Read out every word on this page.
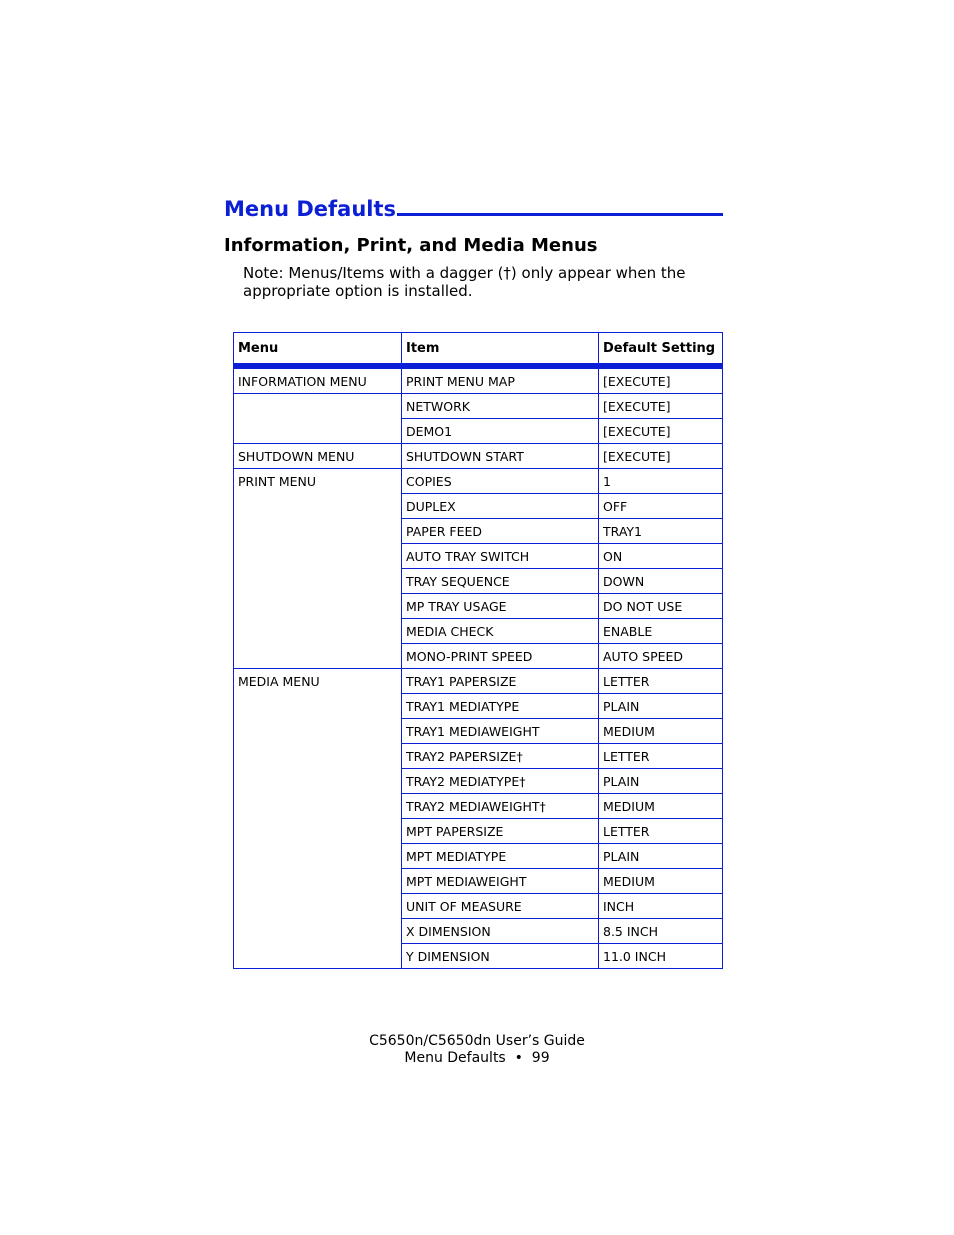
Menu Defaults
Information, Print, and Media Menus
Note: Menus/Items with a dagger (†) only appear when the appropriate option is installed.
Menu	Item	Default Setting
INFORMATION MENU	PRINT MENU MAP	[EXECUTE]
	NETWORK	[EXECUTE]
	DEMO1	[EXECUTE]
SHUTDOWN MENU	SHUTDOWN START	[EXECUTE]
PRINT MENU	COPIES	1
	DUPLEX	OFF
	PAPER FEED	TRAY1
	AUTO TRAY SWITCH	ON
	TRAY SEQUENCE	DOWN
	MP TRAY USAGE	DO NOT USE
	MEDIA CHECK	ENABLE
	MONO-PRINT SPEED	AUTO SPEED
MEDIA MENU	TRAY1 PAPERSIZE	LETTER
	TRAY1 MEDIATYPE	PLAIN
	TRAY1 MEDIAWEIGHT	MEDIUM
	TRAY2 PAPERSIZE†	LETTER
	TRAY2 MEDIATYPE†	PLAIN
	TRAY2 MEDIAWEIGHT†	MEDIUM
	MPT PAPERSIZE	LETTER
	MPT MEDIATYPE	PLAIN
	MPT MEDIAWEIGHT	MEDIUM
	UNIT OF MEASURE	INCH
	X DIMENSION	8.5 INCH
	Y DIMENSION	11.0 INCH
C5650n/C5650dn User’s Guide
Menu Defaults  •  99
